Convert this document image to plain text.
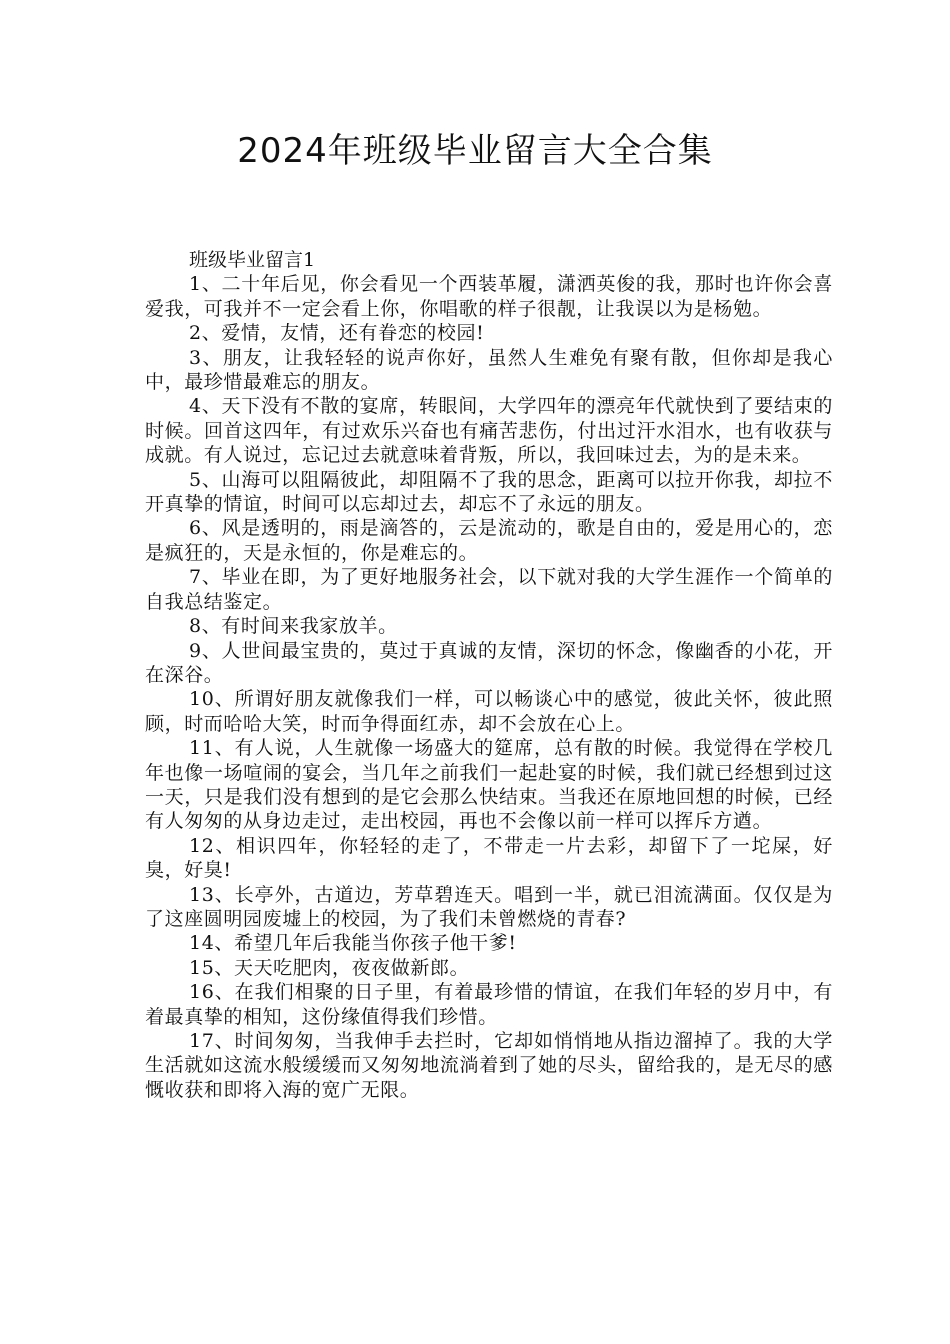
2024年班级毕业留言大全合集
班级毕业留言1

1、二十年后见，你会看见一个西装革履，潇洒英俊的我，那时也许你会喜爱我，可我并不一定会看上你，你唱歌的样子很靓，让我误以为是杨勉。

2、爱情，友情，还有眷恋的校园!

3、朋友，让我轻轻的说声你好，虽然人生难免有聚有散，但你却是我心中，最珍惜最难忘的朋友。

4、天下没有不散的宴席，转眼间，大学四年的漂亮年代就快到了要结束的时候。回首这四年，有过欢乐兴奋也有痛苦悲伤，付出过汗水泪水，也有收获与成就。有人说过，忘记过去就意味着背叛，所以，我回味过去，为的是未来。

5、山海可以阻隔彼此，却阻隔不了我的思念，距离可以拉开你我，却拉不开真挚的情谊，时间可以忘却过去，却忘不了永远的朋友。

6、风是透明的，雨是滴答的，云是流动的，歌是自由的，爱是用心的，恋是疯狂的，天是永恒的，你是难忘的。

7、毕业在即，为了更好地服务社会，以下就对我的大学生涯作一个简单的自我总结鉴定。

8、有时间来我家放羊。

9、人世间最宝贵的，莫过于真诚的友情，深切的怀念，像幽香的小花，开在深谷。

10、所谓好朋友就像我们一样，可以畅谈心中的感觉，彼此关怀，彼此照顾，时而哈哈大笑，时而争得面红赤，却不会放在心上。

11、有人说，人生就像一场盛大的筵席，总有散的时候。我觉得在学校几年也像一场喧闹的宴会，当几年之前我们一起赴宴的时候，我们就已经想到过这一天，只是我们没有想到的是它会那么快结束。当我还在原地回想的时候，已经有人匆匆的从身边走过，走出校园，再也不会像以前一样可以挥斥方遒。

12、相识四年，你轻轻的走了，不带走一片去彩，却留下了一坨屎，好臭，好臭!

13、长亭外，古道边，芳草碧连天。唱到一半，就已泪流满面。仅仅是为了这座圆明园废墟上的校园，为了我们未曾燃烧的青春?

14、希望几年后我能当你孩子他干爹!

15、天天吃肥肉，夜夜做新郎。

16、在我们相聚的日子里，有着最珍惜的情谊，在我们年轻的岁月中，有着最真挚的相知，这份缘值得我们珍惜。

17、时间匆匆，当我伸手去拦时，它却如悄悄地从指边溜掉了。我的大学生活就如这流水般缓缓而又匆匆地流淌着到了她的尽头，留给我的，是无尽的感慨收获和即将入海的宽广无限。
